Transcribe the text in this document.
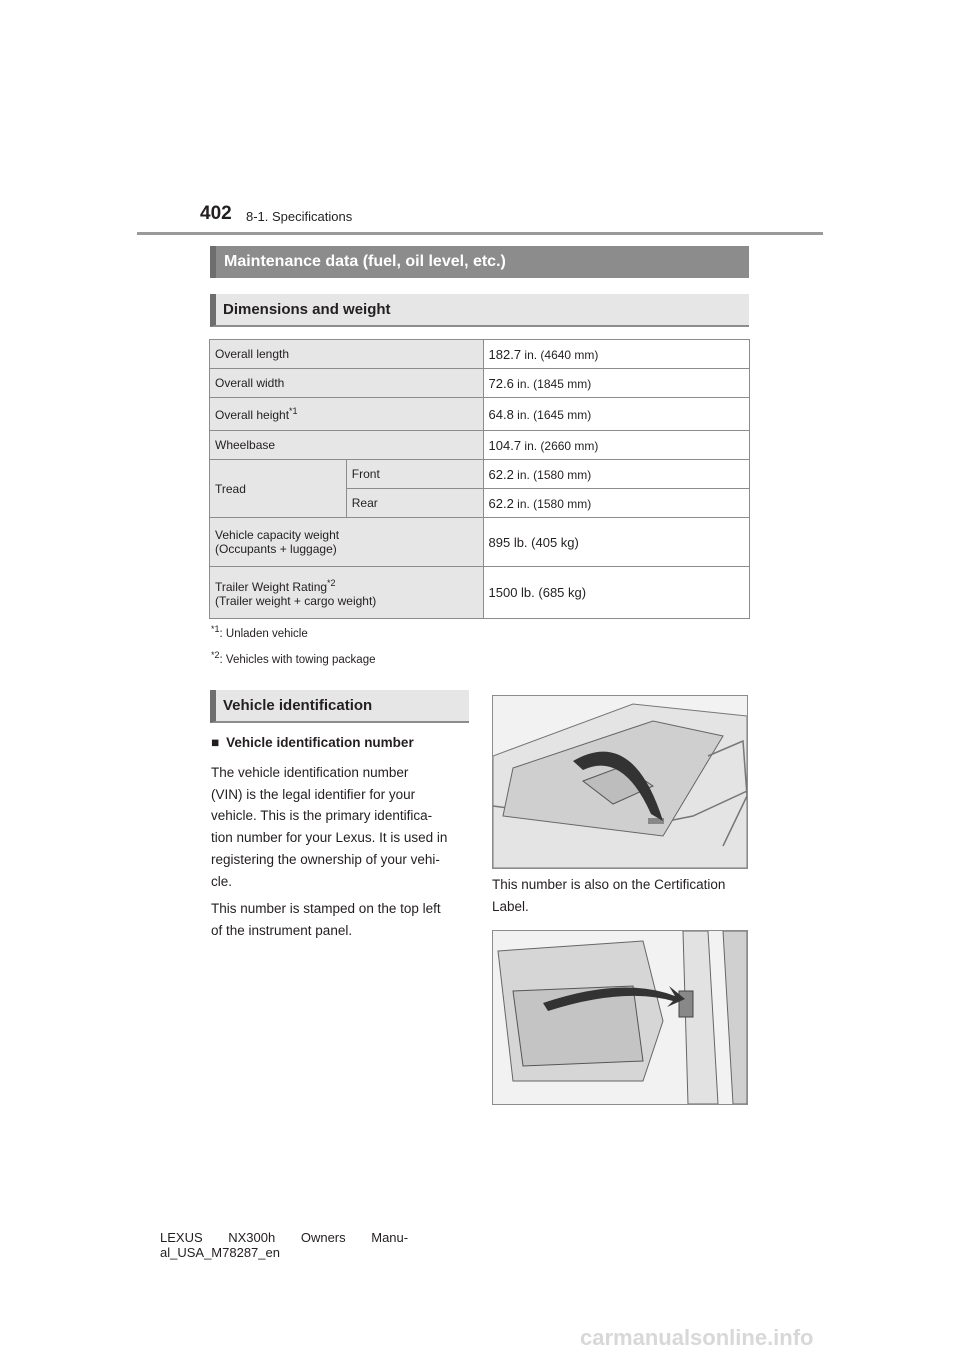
402 8-1. Specifications
Maintenance data (fuel, oil level, etc.)
Dimensions and weight
Overall length		182.7 in. (4640 mm)
Overall width		72.6 in. (1845 mm)
Overall height$^{*1}$		64.8 in. (1645 mm)
Wheelbase		104.7 in. (2660 mm)
Tread	Front	62.2 in. (1580 mm)
	Rear	62.2 in. (1580 mm)

Vehicle capacity weight
(Occupants + luggage)		895 lb. (405 kg)

Trailer Weight Rating$^{*2}$
(Trailer weight + cargo weight)		1500 lb. (685 kg)
$^{*1}$: Unladen vehicle
$^{*2}$: Vehicles with towing package
Vehicle identification
■ Vehicle identification number
The vehicle identification number
(VIN) is the legal identifier for your
vehicle. This is the primary identifica-
tion number for your Lexus. It is used in
registering the ownership of your vehi-
cle.
This number is stamped on the top left
of the instrument panel.
This number is also on the Certification
Label.
LEXUS NX300h Owners Manu-
al_USA_M78287_en
carmanualsonline.info
